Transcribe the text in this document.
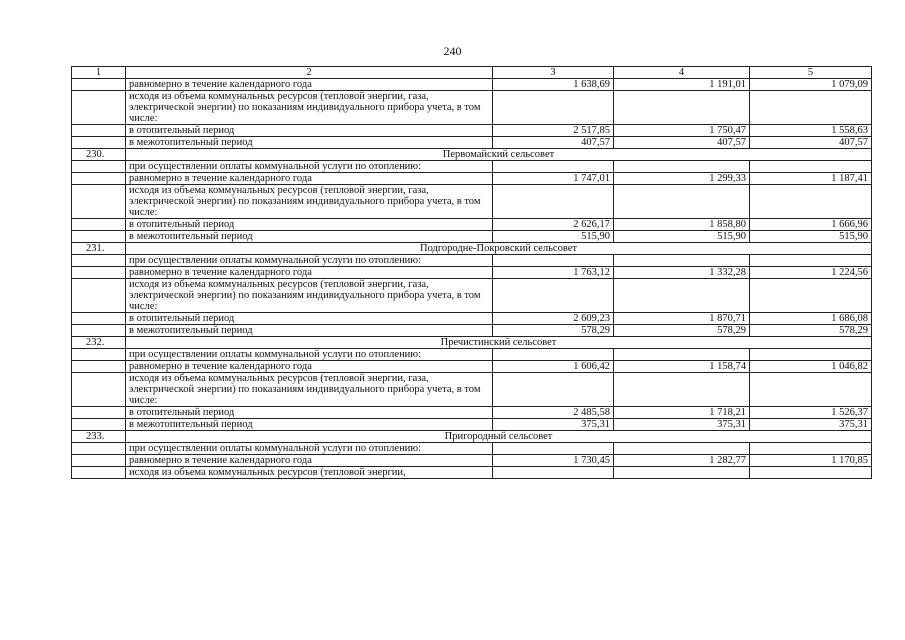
240
1	2	3	4	5
	равномерно в течение календарного года	1 638,69	1 191,01	1 079,09
	исходя из объема коммунальных ресурсов (тепловой энергии, газа, электрической энергии) по показаниям индивидуального прибора учета, в том числе:			
	в отопительный период	2 517,85	1 750,47	1 558,63
	в межотопительный период	407,57	407,57	407,57
230.	Первомайский сельсовет			
	при осуществлении оплаты коммунальной услуги по отоплению:			
	равномерно в течение календарного года	1 747,01	1 299,33	1 187,41
	исходя из объема коммунальных ресурсов (тепловой энергии, газа, электрической энергии) по показаниям индивидуального прибора учета, в том числе:			
	в отопительный период	2 626,17	1 858,80	1 666,96
	в межотопительный период	515,90	515,90	515,90
231.	Подгородне-Покровский сельсовет			
	при осуществлении оплаты коммунальной услуги по отоплению:			
	равномерно в течение календарного года	1 763,12	1 332,28	1 224,56
	исходя из объема коммунальных ресурсов (тепловой энергии, газа, электрической энергии) по показаниям индивидуального прибора учета, в том числе:			
	в отопительный период	2 609,23	1 870,71	1 686,08
	в межотопительный период	578,29	578,29	578,29
232.	Пречистинский сельсовет			
	при осуществлении оплаты коммунальной услуги по отоплению:			
	равномерно в течение календарного года	1 606,42	1 158,74	1 046,82
	исходя из объема коммунальных ресурсов (тепловой энергии, газа, электрической энергии) по показаниям индивидуального прибора учета, в том числе:			
	в отопительный период	2 485,58	1 718,21	1 526,37
	в межотопительный период	375,31	375,31	375,31
233.	Пригородный сельсовет			
	при осуществлении оплаты коммунальной услуги по отоплению:			
	равномерно в течение календарного года	1 730,45	1 282,77	1 170,85
	исходя из объема коммунальных ресурсов (тепловой энергии,			
